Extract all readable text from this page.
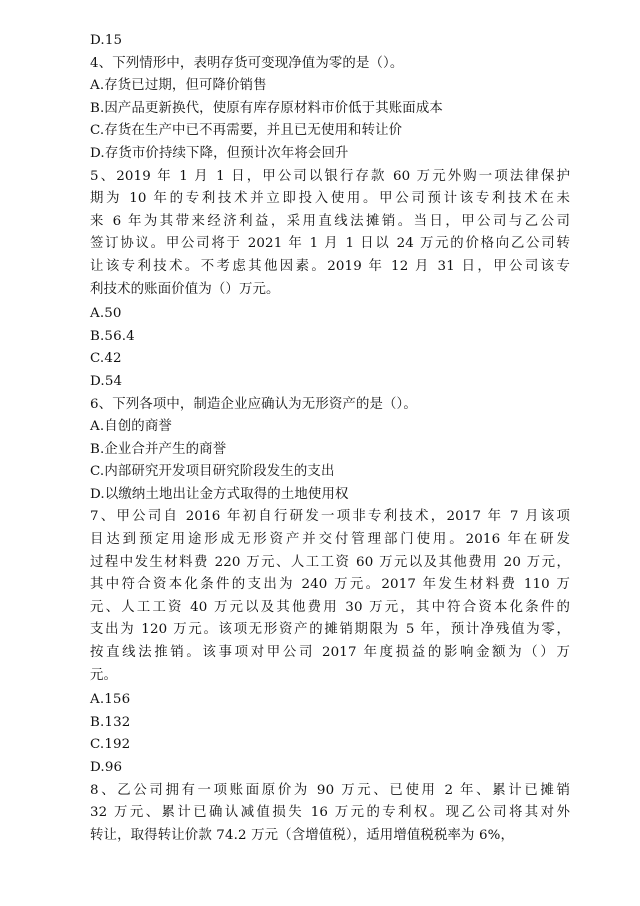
D.15
4、下列情形中，表明存货可变现净值为零的是（）。
A.存货已过期，但可降价销售
B.因产品更新换代，使原有库存原材料市价低于其账面成本
C.存货在生产中已不再需要，并且已无使用和转让价
D.存货市价持续下降，但预计次年将会回升
5、2019 年 1 月 1 日，甲公司以银行存款 60 万元外购一项法律保护
期为 10 年的专利技术并立即投入使用。甲公司预计该专利技术在未
来 6 年为其带来经济利益，采用直线法摊销。当日，甲公司与乙公司
签订协议。甲公司将于 2021 年 1 月 1 日以 24 万元的价格向乙公司转
让该专利技术。不考虑其他因素。2019 年 12 月 31 日，甲公司该专
利技术的账面价值为（）万元。
A.50
B.56.4
C.42
D.54
6、下列各项中，制造企业应确认为无形资产的是（）。
A.自创的商誉
B.企业合并产生的商誉
C.内部研究开发项目研究阶段发生的支出
D.以缴纳土地出让金方式取得的土地使用权
7、甲公司自 2016 年初自行研发一项非专利技术，2017 年 7 月该项
目达到预定用途形成无形资产并交付管理部门使用。2016 年在研发
过程中发生材料费 220 万元、人工工资 60 万元以及其他费用 20 万元，
其中符合资本化条件的支出为 240 万元。2017 年发生材料费 110 万
元、人工工资 40 万元以及其他费用 30 万元，其中符合资本化条件的
支出为 120 万元。该项无形资产的摊销期限为 5 年，预计净残值为零，
按直线法推销。该事项对甲公司 2017 年度损益的影响金额为（）万
元。
A.156
B.132
C.192
D.96
8、乙公司拥有一项账面原价为 90 万元、已使用 2 年、累计已摊销
32 万元、累计已确认减值损失 16 万元的专利权。现乙公司将其对外
转让，取得转让价款 74.2 万元（含增值税），适用增值税税率为 6%，
